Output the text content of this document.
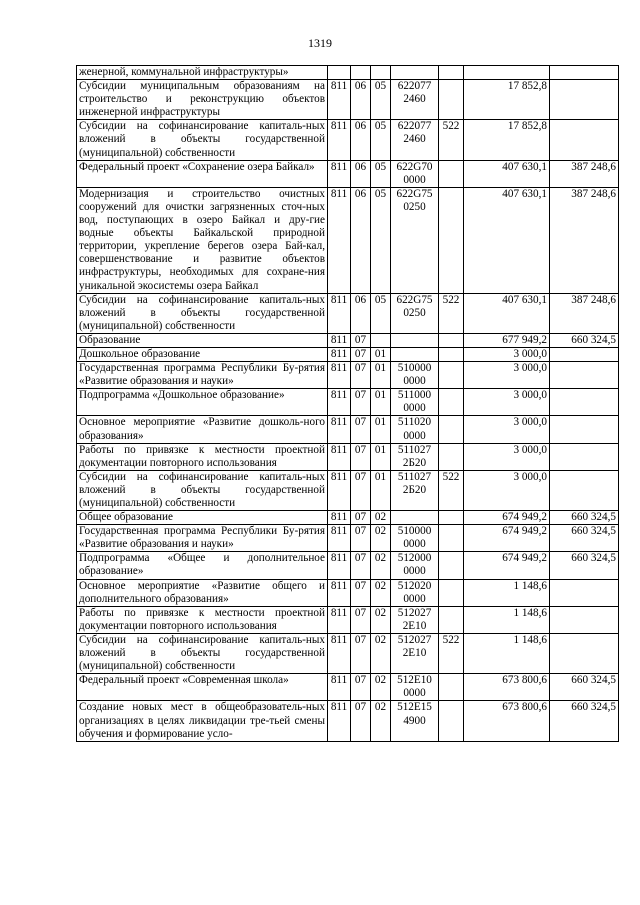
1319
женерной, коммунальной инфраструктуры»							
Субсидии муниципальным образованиям на строительство и реконструкцию объектов инженерной инфраструктуры	811	06	05	622077 2460		17 852,8	
Субсидии на софинансирование капиталь-ных вложений в объекты государственной (муниципальной) собственности	811	06	05	622077 2460	522	17 852,8	
Федеральный проект «Сохранение озера Байкал»	811	06	05	622G70 0000		407 630,1	387 248,6
Модернизация и строительство очистных сооружений для очистки загрязненных сточ-ных вод, поступающих в озеро Байкал и дру-гие водные объекты Байкальской природной территории, укрепление берегов озера Бай-кал, совершенствование и развитие объектов инфраструктуры, необходимых для сохране-ния уникальной экосистемы озера Байкал	811	06	05	622G75 0250		407 630,1	387 248,6
Субсидии на софинансирование капиталь-ных вложений в объекты государственной (муниципальной) собственности	811	06	05	622G75 0250	522	407 630,1	387 248,6
Образование	811	07				677 949,2	660 324,5
Дошкольное образование	811	07	01			3 000,0	
Государственная программа Республики Бу-рятия «Развитие образования и науки»	811	07	01	510000 0000		3 000,0	
Подпрограмма «Дошкольное образование»	811	07	01	511000 0000		3 000,0	
Основное мероприятие «Развитие дошколь-ного образования»	811	07	01	511020 0000		3 000,0	
Работы по привязке к местности проектной документации повторного использования	811	07	01	511027 2Б20		3 000,0	
Субсидии на софинансирование капиталь-ных вложений в объекты государственной (муниципальной) собственности	811	07	01	511027 2Б20	522	3 000,0	
Общее образование	811	07	02			674 949,2	660 324,5
Государственная программа Республики Бу-рятия «Развитие образования и науки»	811	07	02	510000 0000		674 949,2	660 324,5
Подпрограмма «Общее и дополнительное образование»	811	07	02	512000 0000		674 949,2	660 324,5
Основное мероприятие «Развитие общего и дополнительного образования»	811	07	02	512020 0000		1 148,6	
Работы по привязке к местности проектной документации повторного использования	811	07	02	512027 2Е10		1 148,6	
Субсидии на софинансирование капиталь-ных вложений в объекты государственной (муниципальной) собственности	811	07	02	512027 2Е10	522	1 148,6	
Федеральный проект «Современная школа»	811	07	02	512Е10 0000		673 800,6	660 324,5
Создание новых мест в общеобразователь-ных организациях в целях ликвидации тре-тьей смены обучения и формирование усло-	811	07	02	512Е15 4900		673 800,6	660 324,5
